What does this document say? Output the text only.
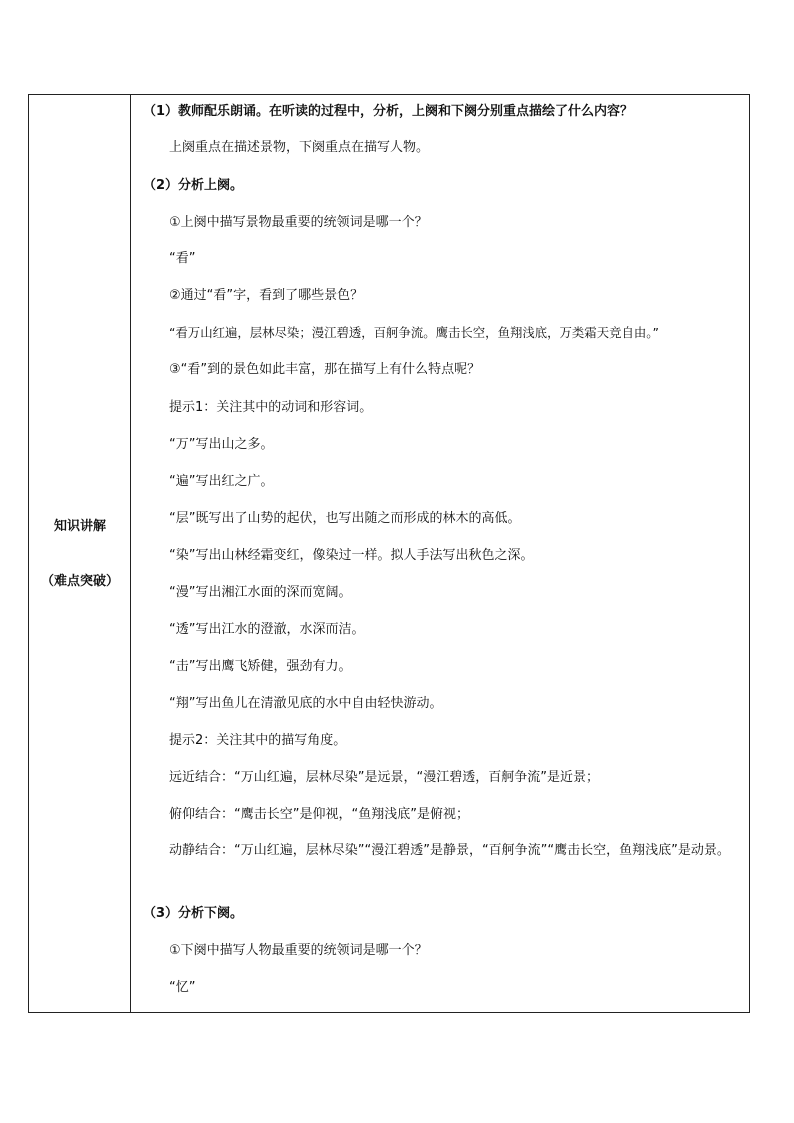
知识讲解
（难点突破）
（1）教师配乐朗诵。在听读的过程中，分析，上阕和下阕分别重点描绘了什么内容？
上阕重点在描述景物，下阕重点在描写人物。
（2）分析上阕。
①上阕中描写景物最重要的统领词是哪一个？
“看”
②通过“看”字，看到了哪些景色？
“看万山红遍，层林尽染；漫江碧透，百舸争流。鹰击长空，鱼翔浅底，万类霜天竞自由。”
③“看”到的景色如此丰富，那在描写上有什么特点呢？
提示1：关注其中的动词和形容词。
“万”写出山之多。
“遍”写出红之广。
“层”既写出了山势的起伏，也写出随之而形成的林木的高低。
“染”写出山林经霜变红，像染过一样。拟人手法写出秋色之深。
“漫”写出湘江水面的深而宽阔。
“透”写出江水的澄澈，水深而洁。
“击”写出鹰飞矫健，强劲有力。
“翔”写出鱼儿在清澈见底的水中自由轻快游动。
提示2：关注其中的描写角度。
远近结合：“万山红遍，层林尽染”是远景，“漫江碧透，百舸争流”是近景；
俯仰结合：“鹰击长空”是仰视，“鱼翔浅底”是俯视；
动静结合：“万山红遍，层林尽染”“漫江碧透”是静景，“百舸争流”“鹰击长空，鱼翔浅底”是动景。
（3）分析下阕。
①下阕中描写人物最重要的统领词是哪一个？
“忆”
